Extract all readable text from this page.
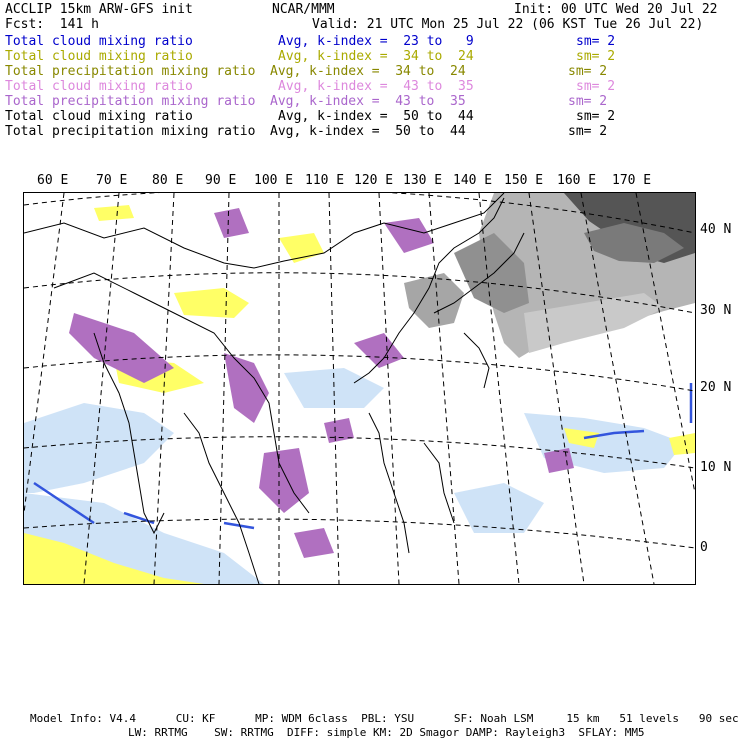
ACCLIP 15km ARW-GFS init	NCAR/MMM	Init: 00 UTC Wed 20 Jul 22
Fcst:  141 h	Valid: 21 UTC Mon 25 Jul 22 (06 KST Tue 26 Jul 22)
Total cloud mixing ratio	Avg, k-index =  23 to   9	sm= 2
Total cloud mixing ratio	Avg, k-index =  34 to  24	sm= 2
Total precipitation mixing ratio Avg, k-index =  34 to  24	sm= 2
Total cloud mixing ratio	Avg, k-index =  43 to  35	sm= 2
Total precipitation mixing ratio Avg, k-index =  43 to  35	sm= 2
Total cloud mixing ratio	Avg, k-index =  50 to  44	sm= 2
Total precipitation mixing ratio Avg, k-index =  50 to  44	sm= 2
60 E 70 E 80 E 90 E 100 E 110 E 120 E 130 E 140 E 150 E 160 E 170 E
40 N
30 N
20 N
10 N
0
Model Info: V4.4      CU: KF      MP: WDM 6class  PBL: YSU      SF: Noah LSM     15 km   51 levels   90 sec
LW: RRTMG    SW: RRTMG  DIFF: simple KM: 2D Smagor DAMP: Rayleigh3  SFLAY: MM5
